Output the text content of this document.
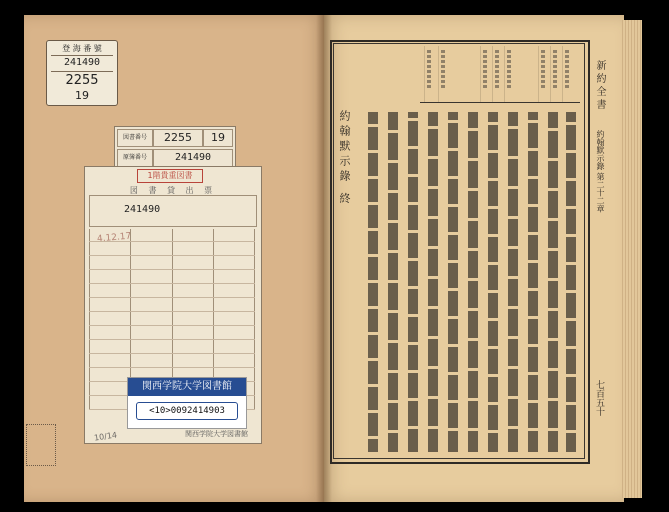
登 海 番 號
241490
2255
19
図書番号	2255	19
原簿番号	241490
1階貴重図書
図 書 貸 出 票
241490
4.12.17
関西学院大学図書館
関西学院大学図書館
<10>0092414903
10/14
新約全書
約翰默示錄 第二十二章
七百五十
約翰默示錄 終
